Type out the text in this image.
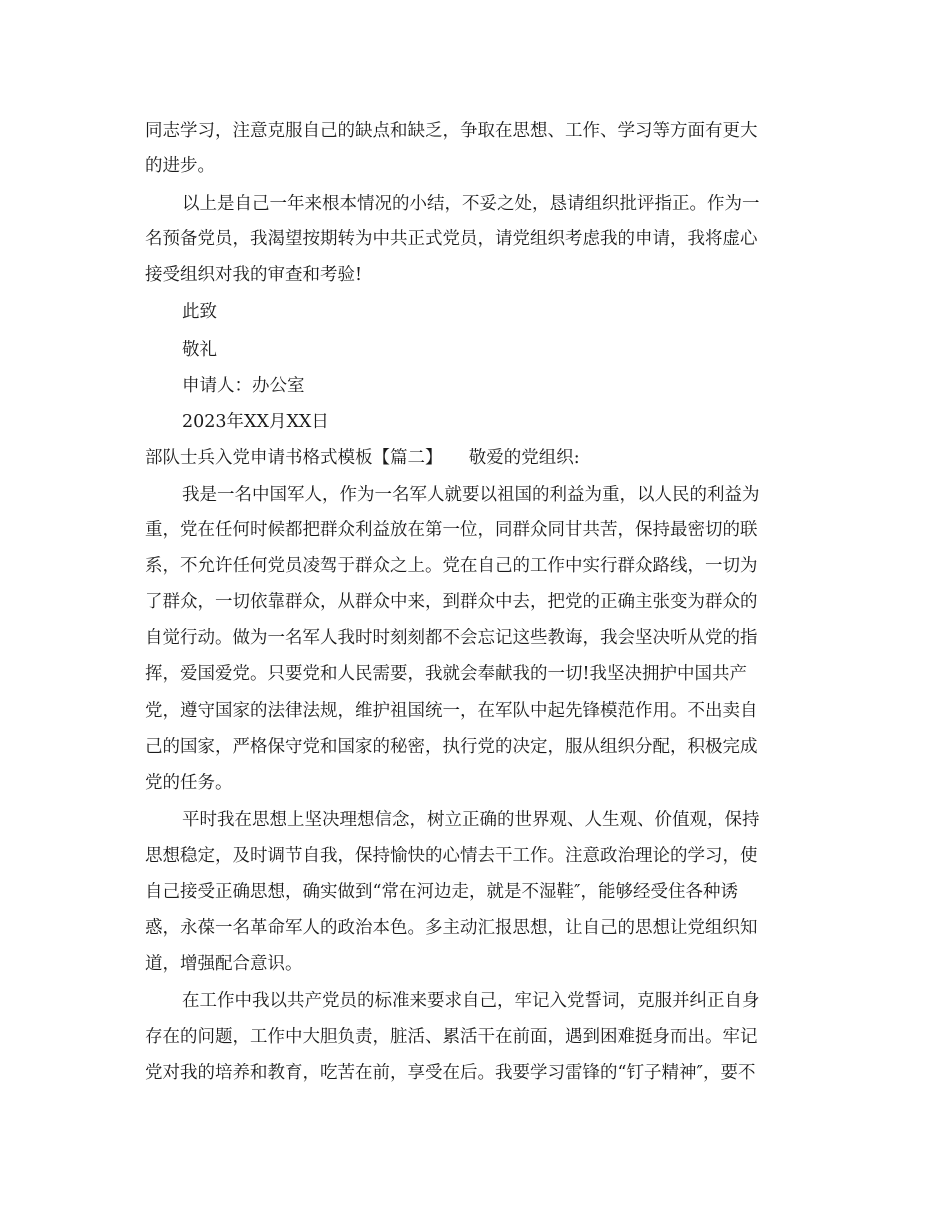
同志学习，注意克服自己的缺点和缺乏，争取在思想、工作、学习等方面有更大
的进步。
以上是自己一年来根本情况的小结，不妥之处，恳请组织批评指正。作为一
名预备党员，我渴望按期转为中共正式党员，请党组织考虑我的申请，我将虚心
接受组织对我的审查和考验!
此致
敬礼
申请人：办公室
2023年XX月XX日
部队士兵入党申请书格式模板【篇二】　　敬爱的党组织:
我是一名中国军人，作为一名军人就要以祖国的利益为重，以人民的利益为
重，党在任何时候都把群众利益放在第一位，同群众同甘共苦，保持最密切的联
系，不允许任何党员凌驾于群众之上。党在自己的工作中实行群众路线，一切为
了群众，一切依靠群众，从群众中来，到群众中去，把党的正确主张变为群众的
自觉行动。做为一名军人我时时刻刻都不会忘记这些教诲，我会坚决听从党的指
挥，爱国爱党。只要党和人民需要，我就会奉献我的一切!我坚决拥护中国共产
党，遵守国家的法律法规，维护祖国统一，在军队中起先锋模范作用。不出卖自
己的国家，严格保守党和国家的秘密，执行党的决定，服从组织分配，积极完成
党的任务。
平时我在思想上坚决理想信念，树立正确的世界观、人生观、价值观，保持
思想稳定，及时调节自我，保持愉快的心情去干工作。注意政治理论的学习，使
自己接受正确思想，确实做到“常在河边走，就是不湿鞋″，能够经受住各种诱
惑，永葆一名革命军人的政治本色。多主动汇报思想，让自己的思想让党组织知
道，增强配合意识。
在工作中我以共产党员的标准来要求自己，牢记入党誓词，克服并纠正自身
存在的问题，工作中大胆负责，脏活、累活干在前面，遇到困难挺身而出。牢记
党对我的培养和教育，吃苦在前，享受在后。我要学习雷锋的“钉子精神″，要不
